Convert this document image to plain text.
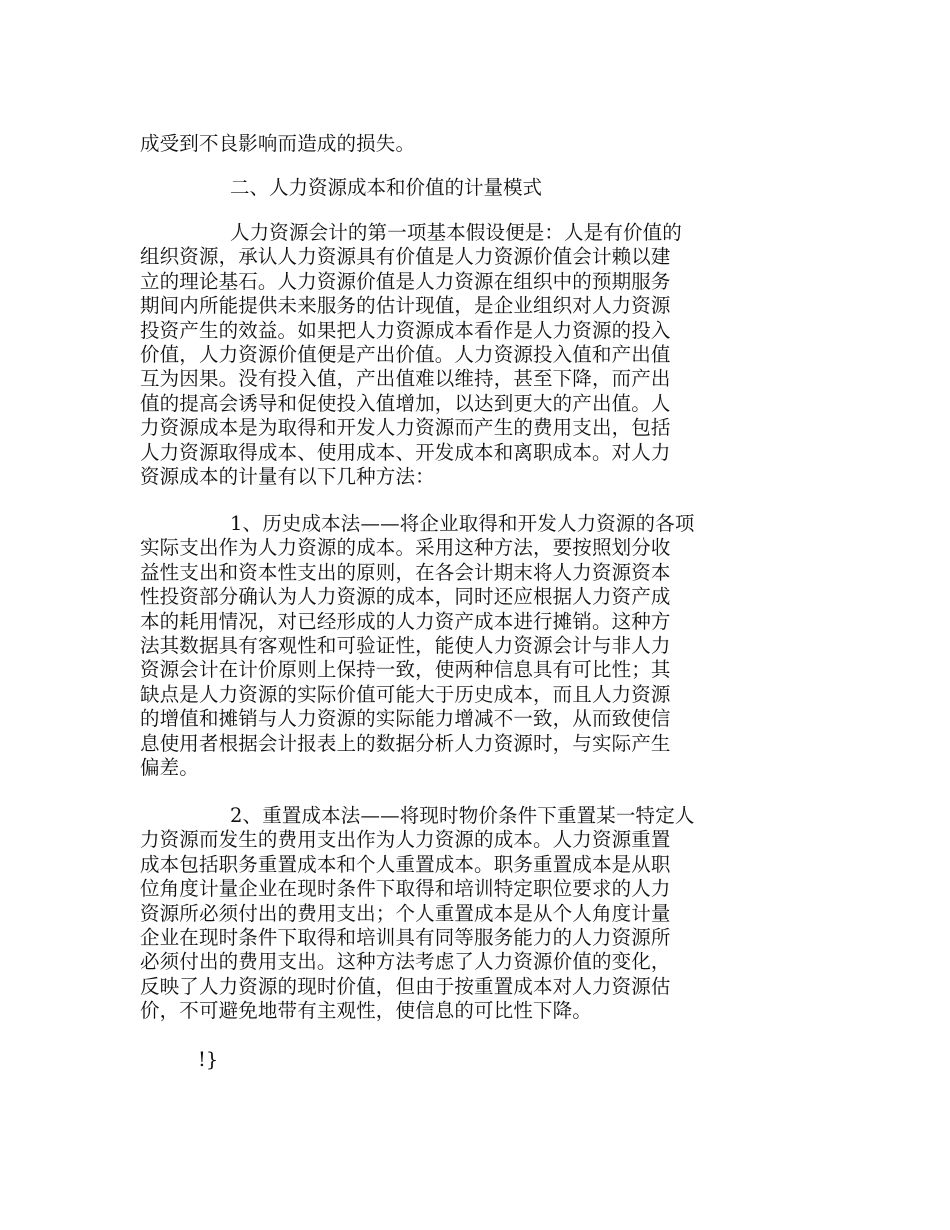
成受到不良影响而造成的损失。
二、人力资源成本和价值的计量模式
人力资源会计的第一项基本假设便是：人是有价值的
组织资源，承认人力资源具有价值是人力资源价值会计赖以建
立的理论基石。人力资源价值是人力资源在组织中的预期服务
期间内所能提供未来服务的估计现值，是企业组织对人力资源
投资产生的效益。如果把人力资源成本看作是人力资源的投入
价值，人力资源价值便是产出价值。人力资源投入值和产出值
互为因果。没有投入值，产出值难以维持，甚至下降，而产出
值的提高会诱导和促使投入值增加，以达到更大的产出值。人
力资源成本是为取得和开发人力资源而产生的费用支出，包括
人力资源取得成本、使用成本、开发成本和离职成本。对人力
资源成本的计量有以下几种方法：
1、历史成本法——将企业取得和开发人力资源的各项
实际支出作为人力资源的成本。采用这种方法，要按照划分收
益性支出和资本性支出的原则，在各会计期末将人力资源资本
性投资部分确认为人力资源的成本，同时还应根据人力资产成
本的耗用情况，对已经形成的人力资产成本进行摊销。这种方
法其数据具有客观性和可验证性，能使人力资源会计与非人力
资源会计在计价原则上保持一致，使两种信息具有可比性；其
缺点是人力资源的实际价值可能大于历史成本，而且人力资源
的增值和摊销与人力资源的实际能力增减不一致，从而致使信
息使用者根据会计报表上的数据分析人力资源时，与实际产生
偏差。
2、重置成本法——将现时物价条件下重置某一特定人
力资源而发生的费用支出作为人力资源的成本。人力资源重置
成本包括职务重置成本和个人重置成本。职务重置成本是从职
位角度计量企业在现时条件下取得和培训特定职位要求的人力
资源所必须付出的费用支出；个人重置成本是从个人角度计量
企业在现时条件下取得和培训具有同等服务能力的人力资源所
必须付出的费用支出。这种方法考虑了人力资源价值的变化，
反映了人力资源的现时价值，但由于按重置成本对人力资源估
价，不可避免地带有主观性，使信息的可比性下降。
!}
